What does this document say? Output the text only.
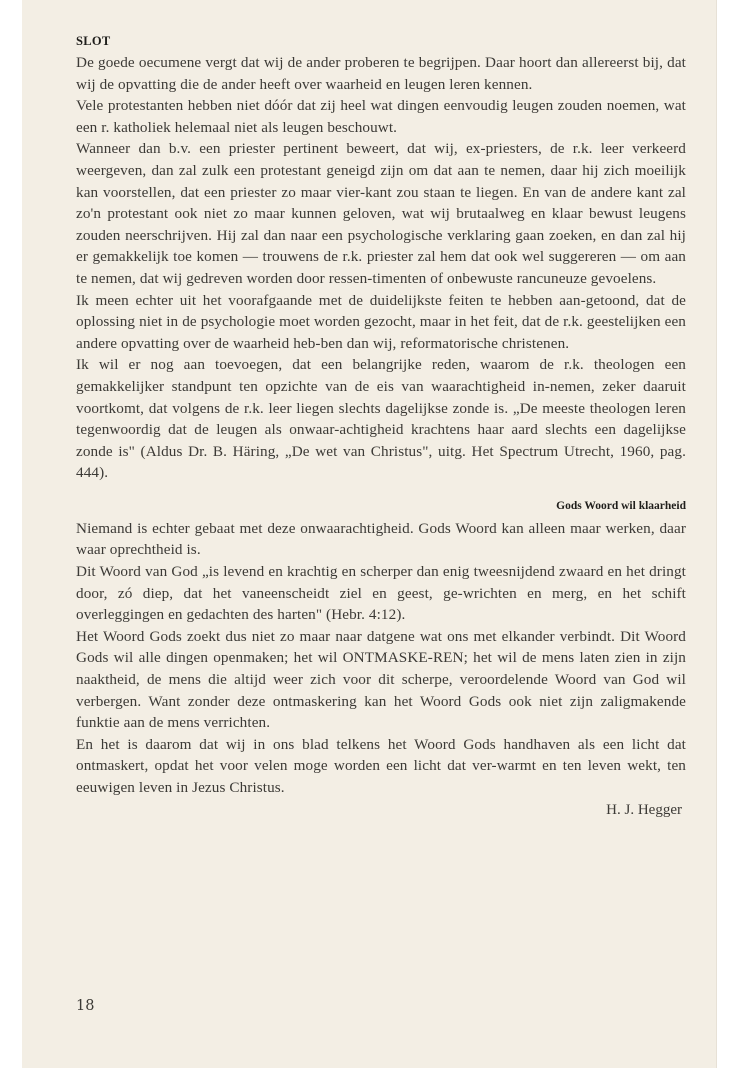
SLOT

De goede oecumene vergt dat wij de ander proberen te begrijpen. Daar hoort dan allereerst bij, dat wij de opvatting die de ander heeft over waarheid en leugen leren kennen.

Vele protestanten hebben niet dóór dat zij heel wat dingen eenvoudig leugen zouden noemen, wat een r. katholiek helemaal niet als leugen beschouwt.

Wanneer dan b.v. een priester pertinent beweert, dat wij, ex-priesters, de r.k. leer verkeerd weergeven, dan zal zulk een protestant geneigd zijn om dat aan te nemen, daar hij zich moeilijk kan voorstellen, dat een priester zo maar vier-kant zou staan te liegen. En van de andere kant zal zo'n protestant ook niet zo maar kunnen geloven, wat wij brutaalweg en klaar bewust leugens zouden neerschrijven. Hij zal dan naar een psychologische verklaring gaan zoeken, en dan zal hij er gemakkelijk toe komen — trouwens de r.k. priester zal hem dat ook wel suggereren — om aan te nemen, dat wij gedreven worden door ressen-timenten of onbewuste rancuneuze gevoelens.

Ik meen echter uit het voorafgaande met de duidelijkste feiten te hebben aan-getoond, dat de oplossing niet in de psychologie moet worden gezocht, maar in het feit, dat de r.k. geestelijken een andere opvatting over de waarheid heb-ben dan wij, reformatorische christenen.

Ik wil er nog aan toevoegen, dat een belangrijke reden, waarom de r.k. theologen een gemakkelijker standpunt ten opzichte van de eis van waarachtigheid in-nemen, zeker daaruit voortkomt, dat volgens de r.k. leer liegen slechts dagelijkse zonde is. „De meeste theologen leren tegenwoordig dat de leugen als onwaar-achtigheid krachtens haar aard slechts een dagelijkse zonde is" (Aldus Dr. B. Häring, „De wet van Christus", uitg. Het Spectrum Utrecht, 1960, pag. 444).

Gods Woord wil klaarheid

Niemand is echter gebaat met deze onwaarachtigheid. Gods Woord kan alleen maar werken, daar waar oprechtheid is.

Dit Woord van God „is levend en krachtig en scherper dan enig tweesnijdend zwaard en het dringt door, zó diep, dat het vaneenscheidt ziel en geest, ge-wrichten en merg, en het schift overleggingen en gedachten des harten" (Hebr. 4:12).

Het Woord Gods zoekt dus niet zo maar naar datgene wat ons met elkander verbindt. Dit Woord Gods wil alle dingen openmaken; het wil ONTMASKE-REN; het wil de mens laten zien in zijn naaktheid, de mens die altijd weer zich voor dit scherpe, veroordelende Woord van God wil verbergen. Want zonder deze ontmaskering kan het Woord Gods ook niet zijn zaligmakende funktie aan de mens verrichten.

En het is daarom dat wij in ons blad telkens het Woord Gods handhaven als een licht dat ontmaskert, opdat het voor velen moge worden een licht dat ver-warmt en ten leven wekt, ten eeuwigen leven in Jezus Christus.

H. J. Hegger
18
